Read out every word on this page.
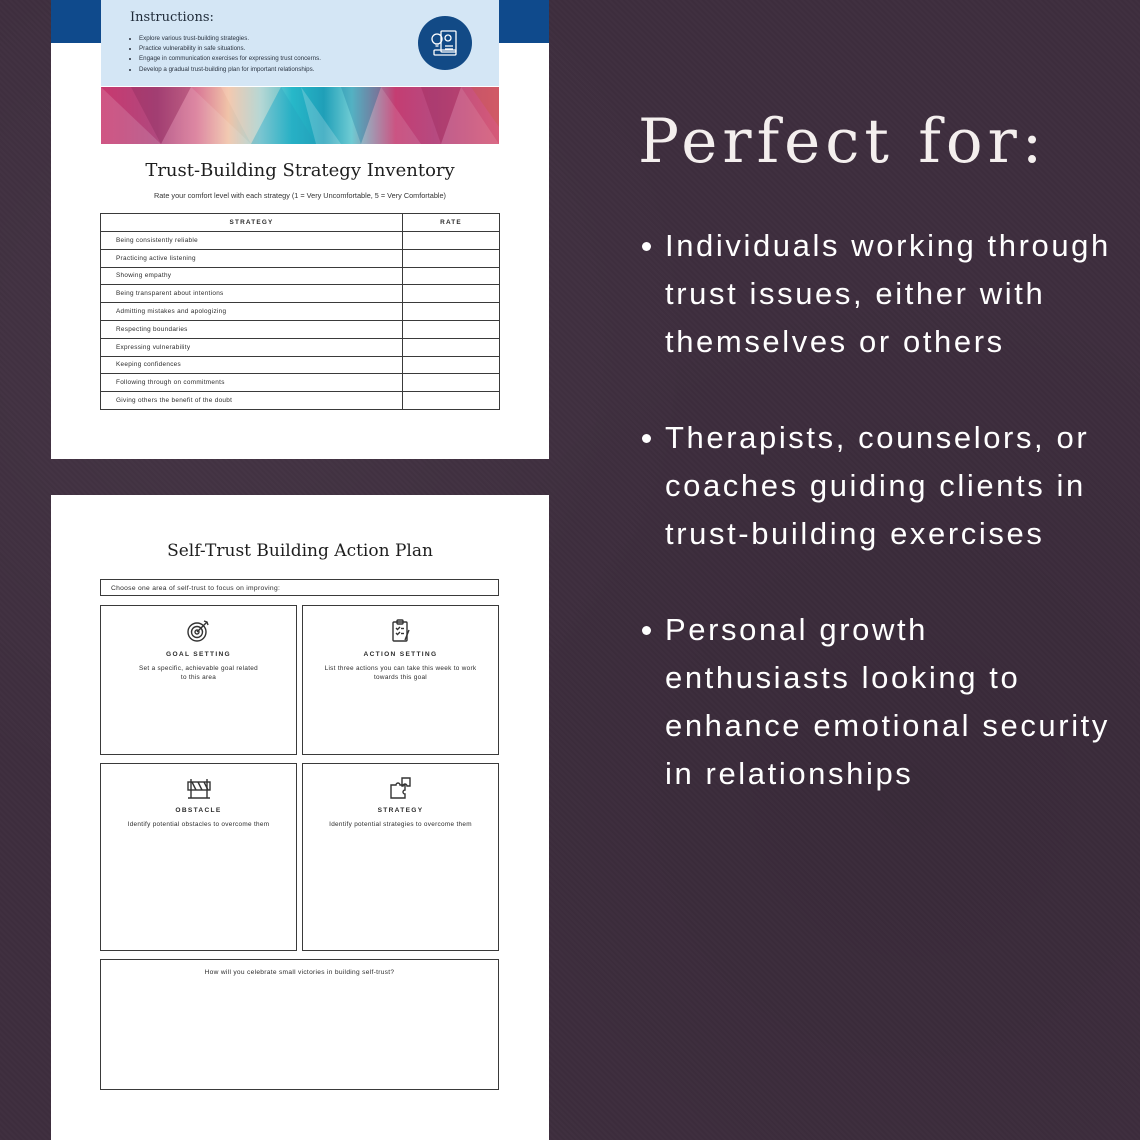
Instructions:
• Explore various trust-building strategies.
• Practice vulnerability in safe situations.
• Engage in communication exercises for expressing trust concerns.
• Develop a gradual trust-building plan for important relationships.
Trust-Building Strategy Inventory
Rate your comfort level with each strategy (1 = Very Uncomfortable, 5 = Very Comfortable)
STRATEGY	RATE
Being consistently reliable	
Practicing active listening	
Showing empathy	
Being transparent about intentions	
Admitting mistakes and apologizing	
Respecting boundaries	
Expressing vulnerability	
Keeping confidences	
Following through on commitments	
Giving others the benefit of the doubt	
Self-Trust Building Action Plan
Choose one area of self-trust to focus on improving:
GOAL SETTING
Set a specific, achievable goal related to this area
ACTION SETTING
List three actions you can take this week to work towards this goal
OBSTACLE
Identify potential obstacles to overcome them
STRATEGY
Identify potential strategies to overcome them
How will you celebrate small victories in building self-trust?
Perfect for:
Individuals working through trust issues, either with themselves or others
Therapists, counselors, or coaches guiding clients in trust-building exercises
Personal growth enthusiasts looking to enhance emotional security in relationships
